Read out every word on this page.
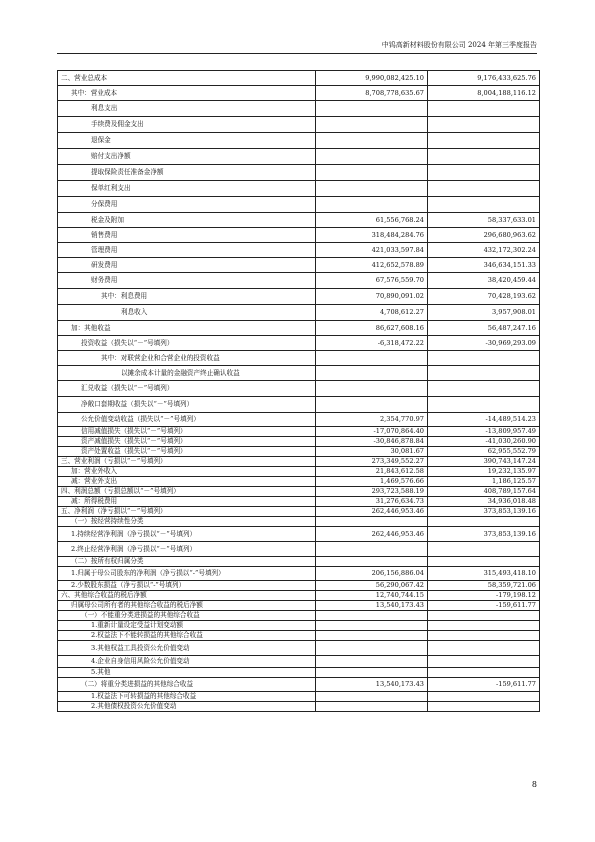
中钨高新材料股份有限公司 2024 年第三季度报告
二、营业总成本	9,990,082,425.10	9,176,433,625.76
其中：营业成本	8,708,778,635.67	8,004,188,116.12
利息支出		
手续费及佣金支出		
退保金		
赔付支出净额		
提取保险责任准备金净额		
保单红利支出		
分保费用		
税金及附加	61,556,768.24	58,337,633.01
销售费用	318,484,284.76	296,680,963.62
管理费用	421,033,597.84	432,172,302.24
研发费用	412,652,578.89	346,634,151.33
财务费用	67,576,559.70	38,420,459.44
其中：利息费用	70,890,091.02	70,428,193.62
利息收入	4,708,612.27	3,957,908.01
加：其他收益	86,627,608.16	56,487,247.16
投资收益（损失以“－”号填列）	-6,318,472.22	-30,969,293.09
其中：对联营企业和合营企业的投资收益		
以摊余成本计量的金融资产终止确认收益		
汇兑收益（损失以“－”号填列）		
净敞口套期收益（损失以“－”号填列）		
公允价值变动收益（损失以“－”号填列）	2,354,770.97	-14,489,514.23
信用减值损失（损失以“－”号填列）	-17,070,864.40	-13,809,957.49
资产减值损失（损失以“－”号填列）	-30,846,878.84	-41,030,260.90
资产处置收益（损失以“－”号填列）	30,081.67	62,955,552.79
三、营业利润（亏损以“－”号填列）	273,349,552.27	390,743,147.24
加：营业外收入	21,843,612.58	19,232,135.97
减：营业外支出	1,469,576.66	1,186,125.57
四、利润总额（亏损总额以“－”号填列）	293,723,588.19	408,789,157.64
减：所得税费用	31,276,634.73	34,936,018.48
五、净利润（净亏损以“－”号填列）	262,446,953.46	373,853,139.16
（一）按经营持续性分类		
1.持续经营净利润（净亏损以“－”号填列）	262,446,953.46	373,853,139.16
2.终止经营净利润（净亏损以“－”号填列）		
（二）按所有权归属分类		
1.归属于母公司股东的净利润（净亏损以“-”号填列）	206,156,886.04	315,493,418.10
2.少数股东损益（净亏损以“-”号填列）	56,290,067.42	58,359,721.06
六、其他综合收益的税后净额	12,740,744.15	-179,198.12
归属母公司所有者的其他综合收益的税后净额	13,540,173.43	-159,611.77
（一）不能重分类进损益的其他综合收益		
1.重新计量设定受益计划变动额		
2.权益法下不能转损益的其他综合收益		
3.其他权益工具投资公允价值变动		
4.企业自身信用风险公允价值变动		
5.其他		
（二）将重分类进损益的其他综合收益	13,540,173.43	-159,611.77
1.权益法下可转损益的其他综合收益		
2.其他债权投资公允价值变动		
8
